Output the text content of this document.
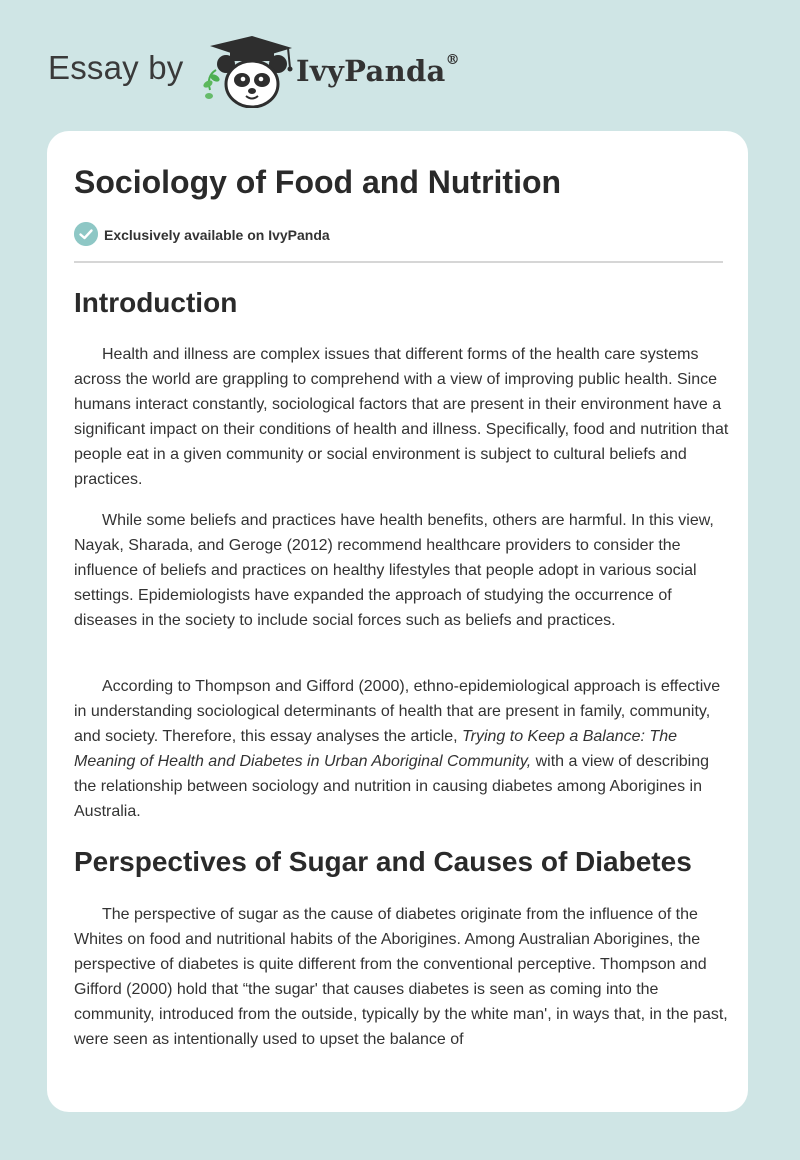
Essay by	IvyPanda®
Sociology of Food and Nutrition
Exclusively available on IvyPanda
Introduction

Health and illness are complex issues that different forms of the health care systems across the world are grappling to comprehend with a view of improving public health. Since humans interact constantly, sociological factors that are present in their environment have a significant impact on their conditions of health and illness. Specifically, food and nutrition that people eat in a given community or social environment is subject to cultural beliefs and practices.

While some beliefs and practices have health benefits, others are harmful. In this view, Nayak, Sharada, and Geroge (2012) recommend healthcare providers to consider the influence of beliefs and practices on healthy lifestyles that people adopt in various social settings. Epidemiologists have expanded the approach of studying the occurrence of diseases in the society to include social forces such as beliefs and practices.

According to Thompson and Gifford (2000), ethno-epidemiological approach is effective in understanding sociological determinants of health that are present in family, community, and society. Therefore, this essay analyses the article, Trying to Keep a Balance: The Meaning of Health and Diabetes in Urban Aboriginal Community, with a view of describing the relationship between sociology and nutrition in causing diabetes among Aborigines in Australia.

Perspectives of Sugar and Causes of Diabetes

The perspective of sugar as the cause of diabetes originate from the influence of the Whites on food and nutritional habits of the Aborigines. Among Australian Aborigines, the perspective of diabetes is quite different from the conventional perceptive. Thompson and Gifford (2000) hold that “the sugar' that causes diabetes is seen as coming into the community, introduced from the outside, typically by the white man', in ways that, in the past, were seen as intentionally used to upset the balance of
